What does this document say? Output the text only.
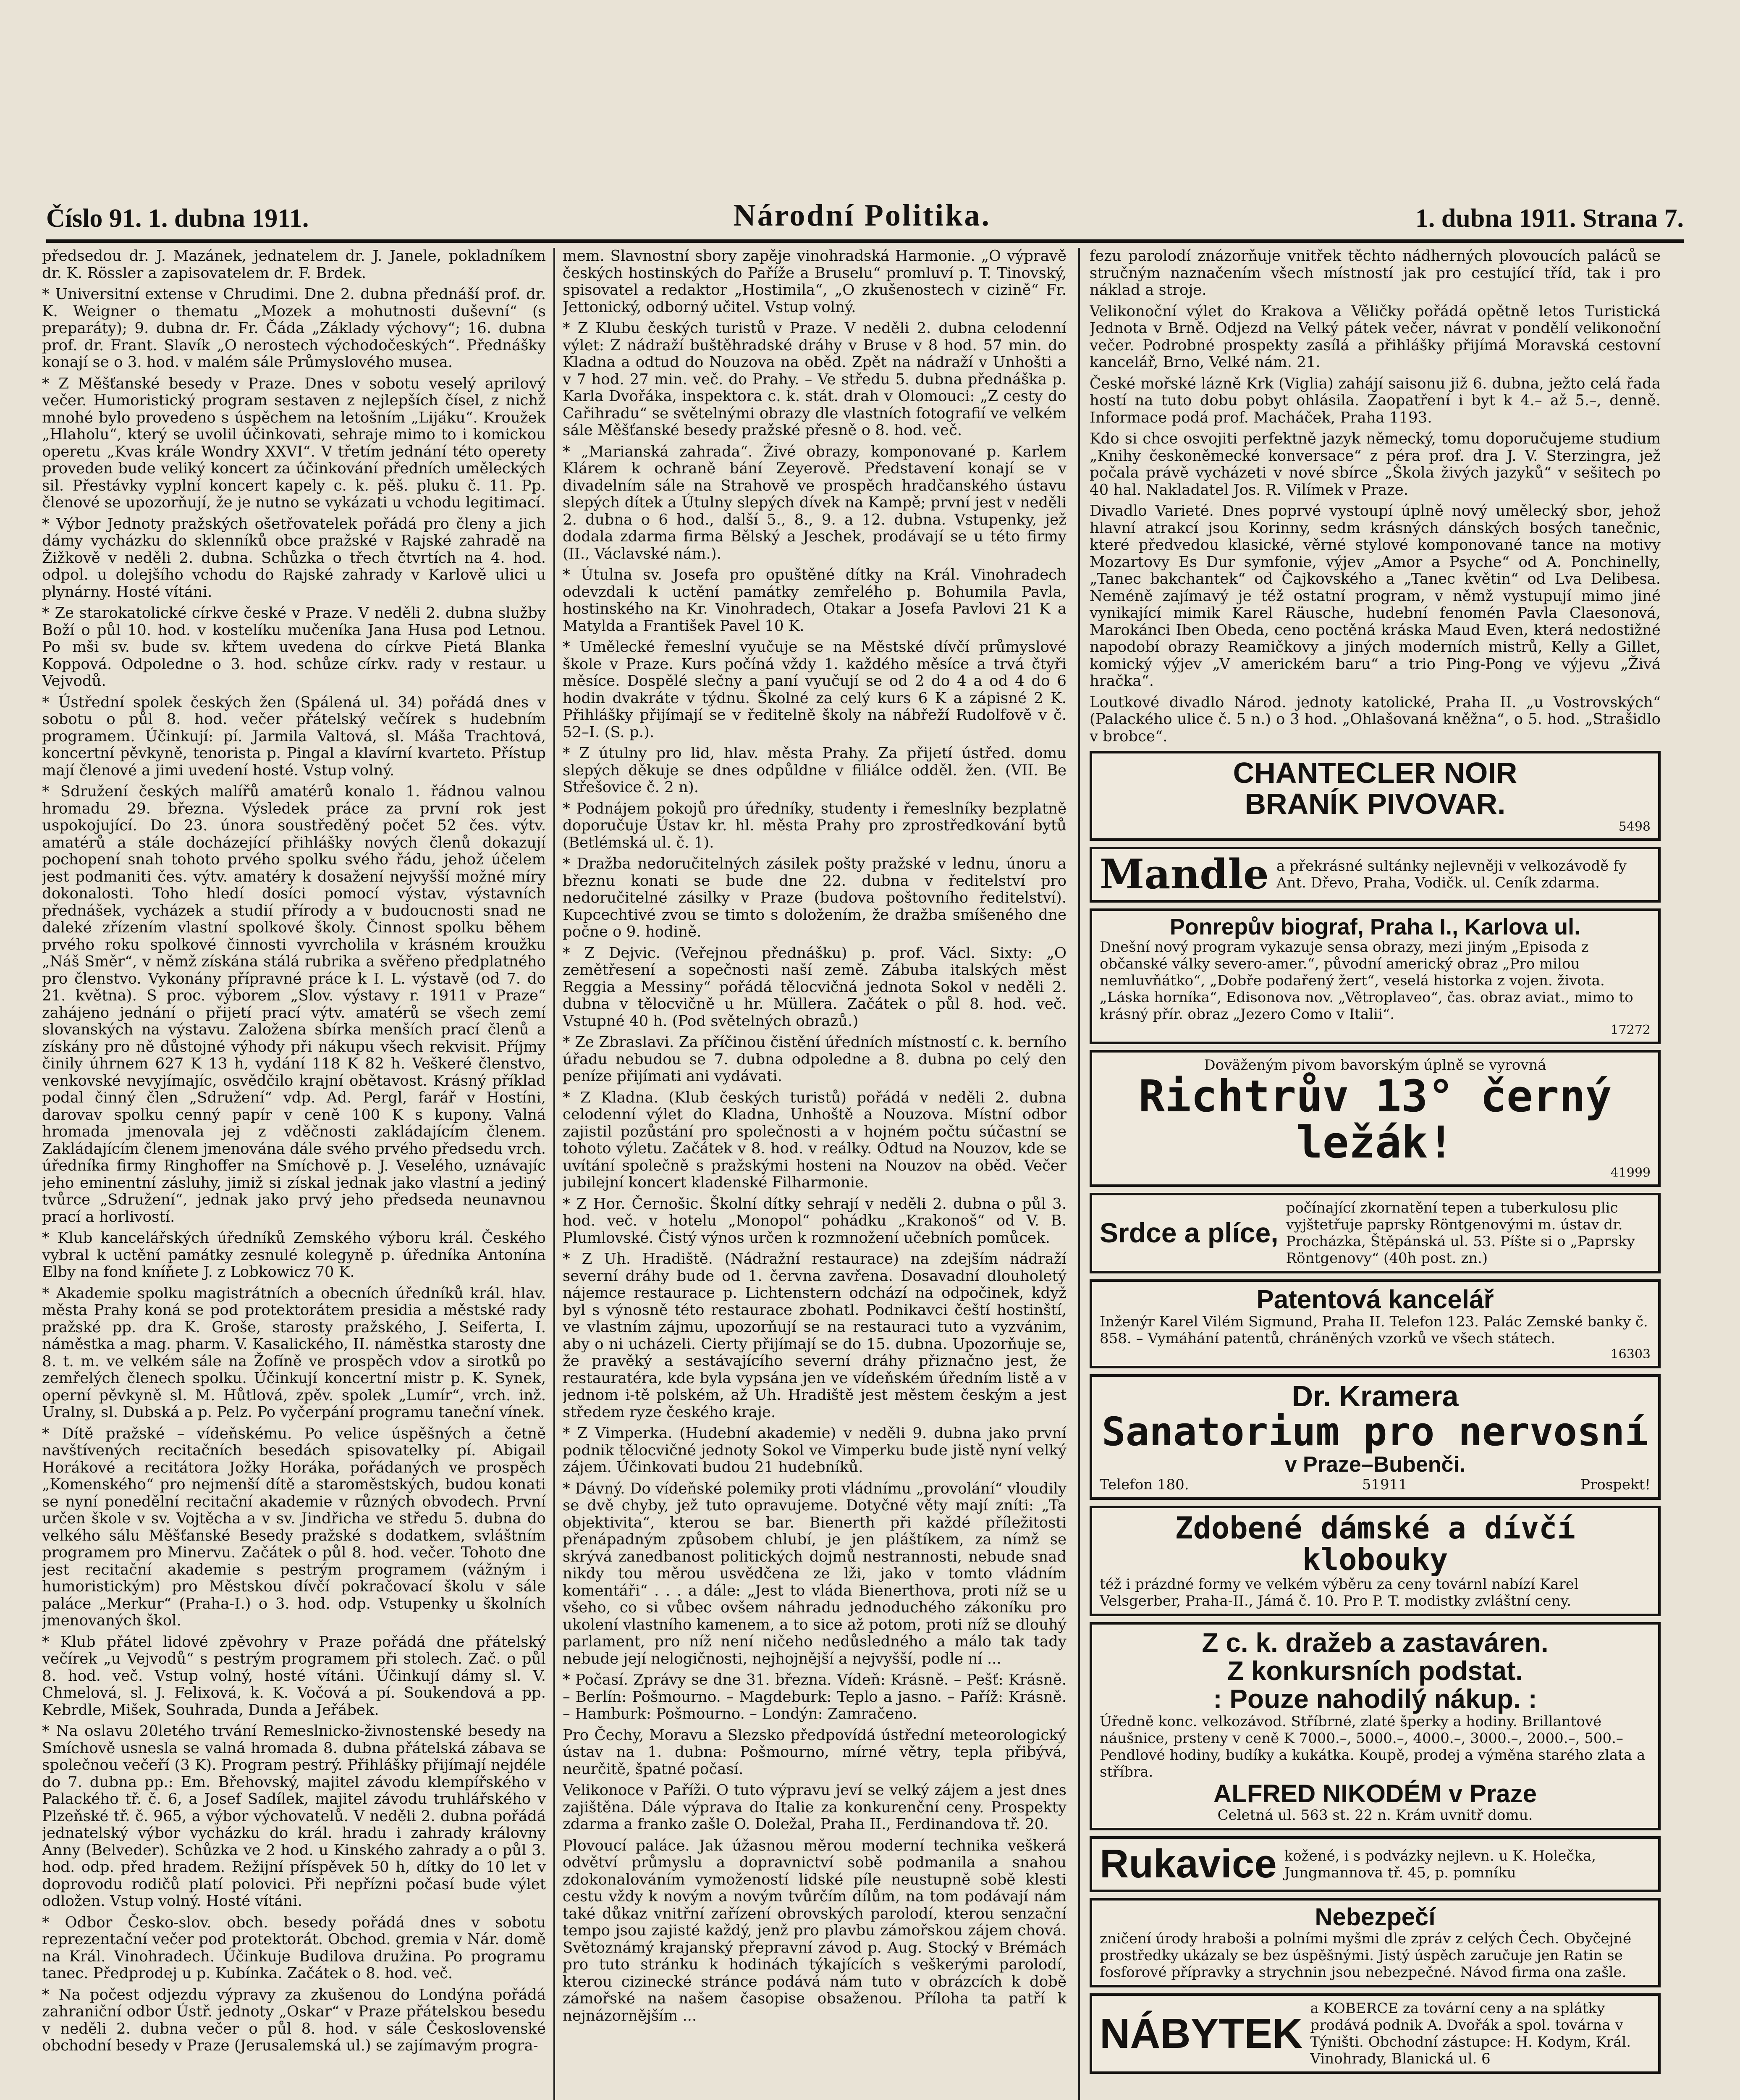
Číslo 91. 1. dubna 1911.	Národní Politika.	1. dubna 1911. Strana 7.

předsedou dr. J. Mazánek, jednatelem dr. J. Janele, pokladníkem dr. K. Rössler a zapisovatelem dr. F. Brdek.

* Universitní extense v Chrudimi. Dne 2. dubna přednáší prof. dr. K. Weigner o thematu „Mozek a mohutnosti duševní“ (s preparáty); 9. dubna dr. Fr. Čáda „Základy výchovy“; 16. dubna prof. dr. Frant. Slavík „O nerostech východočeských“. Přednášky konají se o 3. hod. v malém sále Průmyslového musea.

* Z Měšťanské besedy v Praze. Dnes v sobotu veselý aprilový večer. Humoristický program sestaven z nejlepších čísel, z nichž mnohé bylo provedeno s úspěchem na letošním „Lijáku“. Kroužek „Hlaholu“, který se uvolil účinkovati, sehraje mimo to i komickou operetu „Kvas krále Wondry XXVI“. V třetím jednání této operety proveden bude veliký koncert za účinkování předních uměleckých sil. Přestávky vyplní koncert kapely c. k. pěš. pluku č. 11. Pp. členové se upozorňují, že je nutno se vykázati u vchodu legitimací.

* Výbor Jednoty pražských ošetřovatelek pořádá pro členy a jich dámy vycházku do sklenníků obce pražské v Rajské zahradě na Žižkově v neděli 2. dubna. Schůzka o třech čtvrtích na 4. hod. odpol. u dolejšího vchodu do Rajské zahrady v Karlově ulici u plynárny. Hosté vítáni.

* Ze starokatolické církve české v Praze. V neděli 2. dubna služby Boží o půl 10. hod. v kostelíku mučeníka Jana Husa pod Letnou. Po mši sv. bude sv. křtem uvedena do církve Pietá Blanka Koppová. Odpoledne o 3. hod. schůze církv. rady v restaur. u Vejvodů.

* Ústřední spolek českých žen (Spálená ul. 34) pořádá dnes v sobotu o půl 8. hod. večer přátelský večírek s hudebním programem. Účinkují: pí. Jarmila Valtová, sl. Máša Trachtová, koncertní pěvkyně, tenoristа p. Pingal a klavírní kvarteto. Přístup mají členové a jimi uvedení hosté. Vstup volný.

* Sdružení českých malířů amatérů konalo 1. řádnou valnou hromadu 29. března. Výsledek práce za první rok jest uspokojující. Do 23. února soustředěný počet 52 čes. výtv. amatérů a stále docházející přihlášky nových členů dokazují pochopení snah tohoto prvého spolku svého řádu, jehož účelem jest podmaniti čes. výtv. amatéry k dosažení nejvyšší možné míry dokonalosti. Toho hledí dosíci pomocí výstav, výstavních přednášek, vycházek a studií přírody a v budoucnosti snad ne daleké zřízením vlastní spolkové školy. Činnost spolku během prvého roku spolkové činnosti vyvrcholila v krásném kroužku „Náš Směr“, v němž získána stálá rubrika a svěřeno předplatného pro členstvo. Vykonány přípravné práce k I. L. výstavě (od 7. do 21. května). S proc. výborem „Slov. výstavy r. 1911 v Praze“ zahájeno jednání o přijetí prací výtv. amatérů se všech zemí slovanských na výstavu. Založena sbírka menších prací členů a získány pro ně důstojné výhody při nákupu všech rekvisit. Příjmy činily úhrnem 627 K 13 h, vydání 118 K 82 h. Veškeré členstvo, venkovské nevyjímajíc, osvědčilo krajní obětavost. Krásný příklad podal činný člen „Sdružení“ vdp. Ad. Pergl, farář v Hostíni, darovav spolku cenný papír v ceně 100 K s kupony. Valná hromada jmenovala jej z vděčnosti zakládajícím členem. Zakládajícím členem jmenována dále svého prvého předsedu vrch. úředníka firmy Ringhoffer na Smíchově p. J. Veselého, uznávajíc jeho eminentní zásluhy, jimiž si získal jednak jako vlastní a jediný tvůrce „Sdružení“, jednak jako prvý jeho předseda neunavnou prací a horlivostí.

* Klub kancelářských úředníků Zemského výboru král. Českého vybral k uctění památky zesnulé kolegyně p. úředníka Antonína Elby na fond kníňete J. z Lobkowicz 70 K.

* Akademie spolku magistrátních a obecních úředníků král. hlav. města Prahy koná se pod protektorátem presidia a městské rady pražské pp. dra K. Groše, starosty pražského, J. Seifertа, I. náměstka a mag. pharm. V. Kasalického, II. náměstka starosty dne 8. t. m. ve velkém sále na Žofíně ve prospěch vdov a sirotků po zemřelých členech spolku. Účinkují koncertní mistr p. K. Synek, operní pěvkyně sl. M. Hůtlová, zpěv. spolek „Lumír“, vrch. inž. Uralny, sl. Dubská a p. Pelz. Po vyčerpání programu taneční vínek.

* Dítě pražské – vídeňskému. Po velice úspěšných a četně navštívených recitačních besedách spisovatelky pí. Abigail Horákové a recitátora Jožky Horáka, pořádaných ve prospěch „Komenského“ pro nejmenší dítě a staroměstských, budou konati se nyní ponedělní recitační akademie v různých obvodech. První určen škole v sv. Vojtěcha a v sv. Jindřicha ve středu 5. dubna do velkého sálu Měšťanské Besedy pražské s dodatkem, svláštním programem pro Minervu. Začátek o půl 8. hod. večer. Tohoto dne jest recitační akademie s pestrým programem (vážným i humoristickým) pro Městskou dívčí pokračovací školu v sále paláce „Merkur“ (Praha-I.) o 3. hod. odp. Vstupenky u školních jmenovaných škol.

* Klub přátel lidové zpěvohry v Praze pořádá dne přátelský večírek „u Vejvodů“ s pestrým programem při stolech. Zač. o půl 8. hod. več. Vstup volný, hosté vítáni. Účinkují dámy sl. V. Chmelová, sl. J. Felixová, k. K. Vočová a pí. Soukendová a pp. Kebrdle, Mišek, Souhrada, Dunda a Jeřábek.

* Na oslavu 20letého trvání Remeslnicko-živnostenské besedy na Smíchově usnesla se valná hromada 8. dubna přátelská zábava se společnou večeří (3 K). Program pestrý. Přihlášky přijímají nejdéle do 7. dubna pp.: Em. Břehovský, majitel závodu klempířského v Palackého tř. č. 6, a Josef Sadílek, majitel závodu truhlářského v Plzeňské tř. č. 965, a výbor výchovatelů. V neděli 2. dubna pořádá jednatelský výbor vycházku do král. hradu i zahrady královny Anny (Belveder). Schůzka ve 2 hod. u Kinského zahrady a o půl 3. hod. odp. před hradem. Režijní příspěvek 50 h, dítky do 10 let v doprovodu rodičů platí polovici. Při nepřízni počasí bude výlet odložen. Vstup volný. Hosté vítáni.

* Odbor Česko-slov. obch. besedy pořádá dnes v sobotu reprezentační večer pod protektorát. Obchod. gremia v Nár. domě na Král. Vinohradech. Účinkuje Budilova družina. Po programu tanec. Předprodej u p. Kubínka. Začátek o 8. hod. več.

* Na počest odjezdu výpravy za zkušenou do Londýna pořádá zahraniční odbor Ústř. jednoty „Oskar“ v Praze přátelskou besedu v neděli 2. dubna večer o půl 8. hod. v sále Československé obchodní besedy v Praze (Jerusalemská ul.) se zajímavým progra-

mem. Slavnostní sbory zapěje vinohradská Harmonie. „O výpravě českých hostinských do Paříže a Bruselu“ promluví p. T. Tinovský, spisovatel a redaktor „Hostimila“, „O zkušenostech v cizině“ Fr. Jettonický, odborný učitel. Vstup volný.

* Z Klubu českých turistů v Praze. V neděli 2. dubna celodenní výlet: Z nádraží buštěhradské dráhy v Bruse v 8 hod. 57 min. do Kladna a odtud do Nouzova na oběd. Zpět na nádraží v Unhošti a v 7 hod. 27 min. več. do Prahy. – Ve středu 5. dubna přednáška p. Karla Dvořáka, inspektora c. k. stát. drah v Olomouci: „Z cesty do Cařihradu“ se světelnými obrazy dle vlastních fotografií ve velkém sále Měšťanské besedy pražské přesně o 8. hod. več.

* „Marianská zahrada“. Živé obrazy, komponované p. Karlem Klárem k ochraně bání Zeyerově. Představení konají se v divadelním sále na Strahově ve prospěch hradčanského ústavu slepých dítek a Útulny slepých dívek na Kampě; první jest v neděli 2. dubna o 6 hod., další 5., 8., 9. a 12. dubna. Vstupenky, jež dodala zdarma firma Bělský a Jeschek, prodávají se u této firmy (II., Václavské nám.).

* Útulna sv. Josefa pro opuštěné dítky na Král. Vinohradech odevzdali k uctění památky zemřelého p. Bohumila Pavla, hostinského na Kr. Vinohradech, Otakar a Josefa Pavlovi 21 K a Matylda a František Pavel 10 K.

* Umělecké řemeslní vyučuje se na Městské dívčí průmyslové škole v Praze. Kurs počíná vždy 1. každého měsíce a trvá čtyři měsíce. Dospělé slečny a paní vyučují se od 2 do 4 a od 4 do 6 hodin dvakráte v týdnu. Školné za celý kurs 6 K a zápisné 2 K. Přihlášky přijímají se v ředitelně školy na nábřeží Rudolfově v č. 52–I. (S. p.).

* Z útulny pro lid, hlav. města Prahy. Za přijetí ústřed. domu slepých děkuje se dnes odpůldne v filiálce odděl. žen. (VII. Be Střešovice č. 2 n).

* Podnájem pokojů pro úředníky, studenty i řemeslníky bezplatně doporučuje Ústav kr. hl. města Prahy pro zprostředkování bytů (Betlémská ul. č. 1).

* Dražba nedoručitelných zásilek pošty pražské v lednu, únoru a březnu konati se bude dne 22. dubna v ředitelství pro nedoručitelné zásilky v Praze (budova poštovního ředitelství). Kupcechtivé zvou se timto s doložením, že dražba smíšeného dne počne o 9. hodině.

* Z Dejvic. (Veřejnou přednášku) p. prof. Václ. Sixty: „O zemětřesení a sopečnosti naší země. Zábuba italských měst Reggia a Messiny“ pořádá tělocvičná jednota Sokol v neděli 2. dubna v tělocvičně u hr. Müllera. Začátek o půl 8. hod. več. Vstupné 40 h. (Pod světelných obrazů.)

* Ze Zbraslavi. Za příčinou čistění úředních místností c. k. berního úřadu nebudou se 7. dubna odpoledne a 8. dubna po celý den peníze přijímati ani vydávati.

* Z Kladna. (Klub českých turistů) pořádá v neděli 2. dubna celodenní výlet do Kladna, Unhoště a Nouzova. Místní odbor zajistil pozůstání pro společnosti a v hojném počtu súčastní se tohoto výletu. Začátek v 8. hod. v reálky. Odtud na Nouzov, kde se uvítání společně s pražskými hosteni na Nouzov na oběd. Večer jubilejní koncert kladenské Filharmonie.

* Z Hor. Černošic. Školní dítky sehrají v neděli 2. dubna o půl 3. hod. več. v hotelu „Monopol“ pohádku „Krakonoš“ od V. B. Plumlovské. Čistý výnos určen k rozmnožení učebních pomůcek.

* Z Uh. Hradiště. (Nádražní restaurace) na zdejším nádraží severní dráhy bude od 1. června zavřena. Dosavadní dlouholetý nájemce restaurace p. Lichtenstern odchází na odpočinek, když byl s výnosně této restaurace zbohatl. Podnikavci čeští hostinští, ve vlastním zájmu, upozorňují se na restauraci tuto a vyzvánim, aby o ni ucházeli. Cierty přijímají se do 15. dubna. Upozorňuje se, že pravěký a sestávajícího severní dráhy přiznačno jest, že restauratéra, kde byla vypsána jen ve vídeňském úředním listě a v jednom i-tě polském, až Uh. Hradiště jest městem českým a jest středem ryze českého kraje.

* Z Vimperka. (Hudební akademie) v neděli 9. dubna jako první podnik tělocvičné jednoty Sokol ve Vimperku bude jistě nyní velký zájem. Účinkovati budou 21 hudebníků.

* Dávný. Do vídeňské polemiky proti vládnímu „provolání“ vloudily se dvě chyby, jež tuto opravujeme. Dotyčné věty mají zníti: „Ta objektivita“, kterou se bar. Bienerth při každé příležitosti přenápadným způsobem chlubí, je jen pláštíkem, za nímž se skrývá zanedbanost politických dojmů nestrannosti, nebude snad nikdy tou měrou usvědčena ze lži, jako v tomto vládním komentáři“ . . . a dále: „Jest to vláda Bienerthova, proti níž se u všeho, co si vůbec ovšem náhradu jednoduchého zákoníku pro ukolení vlastního kamenem, a to sice až potom, proti níž se dlouhý parlament, pro níž není ničeho nedůsledného a málo tak tady nebude její nelogičnosti, nejhojnější a nejvyšší, podle ní ...

* Počasí. Zprávy se dne 31. března. Vídeň: Krásně. – Pešť: Krásně. – Berlín: Pošmourno. – Magdeburk: Teplo a jasno. – Paříž: Krásně. – Hamburk: Pošmourno. – Londýn: Zamračeno.

Pro Čechy, Moravu a Slezsko předpovídá ústřední meteorologický ústav na 1. dubna: Pošmourno, mírné větry, tepla přibývá, neurčitě, špatné počasí.

Velikonoce v Paříži. O tuto výpravu jeví se velký zájem a jest dnes zajištěna. Dále výprava do Italie za konkurenční ceny. Prospekty zdarma a franko zašle O. Doležal, Praha II., Ferdinandova tř. 20.

Plovoucí paláce. Jak úžasnou měrou moderní technika veškerá odvětví průmyslu a dopravnictví sobě podmanila a snahou zdokonalováním vymožeností lidské píle neustupně sobě klesti cestu vždy k novým a novým tvůrčím dílům, na tom podávají nám také důkaz vnitřní zařízení obrovských parolodí, kterou senzační tempo jsou zajisté každý, jenž pro plavbu zámořskou zájem chová. Světoznámý krajanský přepravní závod p. Aug. Stocký v Brémách pro tuto stránku k hodinách týkajících s veškerými parolodí, kterou cizinecké stránce podává nám tuto v obrázcích k době zámořské na našem časopise obsaženou. Příloha ta patří k nejnázornějším ...

fezu parolodí znázorňuje vnitřek těchto nádherných plovoucích paláců se stručným naznačením všech místností jak pro cestující tříd, tak i pro náklad a stroje.

Velikonoční výlet do Krakova a Věličky pořádá opětně letos Turistická Jednota v Brně. Odjezd na Velký pátek večer, návrat v pondělí velikonoční večer. Podrobné prospekty zasílá a přihlášky přijímá Moravská cestovní kancelář, Brno, Velké nám. 21.

České mořské lázně Krk (Viglia) zahájí saisonu již 6. dubna, ježto celá řada hostí na tuto dobu pobyt ohlásila. Zaopatření i byt k 4.– až 5.–, denně. Informace podá prof. Macháček, Praha 1193.

Kdo si chce osvojiti perfektně jazyk německý, tomu doporučujeme studium „Knihy českoněmecké konversace“ z péra prof. dra J. V. Sterzingra, jež počala právě vycházeti v nové sbírce „Škola živých jazyků“ v sešitech po 40 hal. Nakladatel Jos. R. Vilímek v Praze.

Divadlo Varieté. Dnes poprvé vystoupí úplně nový umělecký sbor, jehož hlavní atrakcí jsou Korinny, sedm krásných dánských bosých tanečnic, které předvedou klasické, věrné stylové komponované tance na motivy Mozartovy Es Dur symfonie, výjev „Amor a Psyche“ od A. Ponchinelly, „Tanec bakchantek“ od Čajkovského a „Tanec květin“ od Lva Delibesa. Neméně zajímavý je též ostatní program, v němž vystupují mimo jiné vynikající mimik Karel Räusche, hudební fenomén Pavla Claesonová, Marokánci Iben Obeda, ceno poctěná kráska Maud Even, která nedostižné napodobí obrazy Reamičkovy a jiných moderních mistrů, Kelly a Gillet, komický výjev „V americkém baru“ a trio Ping-Pong ve výjevu „Živá hračka“.

Loutkové divadlo Národ. jednoty katolické, Praha II. „u Vostrovských“ (Palackého ulice č. 5 n.) o 3 hod. „Ohlašovaná kněžna“, o 5. hod. „Strašidlo v brobce“.

CHANTECLER NOIR
BRANÍK PIVOVAR.
5498
Mandle a překrásné sultánky nejlevněji v velkozávodě fy Ant. Dřevo, Praha, Vodičk. ul. Ceník zdarma.
Ponrepův biograf, Praha I., Karlova ul.
Dnešní nový program vykazuje sensa obrazy, mezi jiným „Episoda z občanské války severo-amer.“, původní americký obraz „Pro milou nemluvňátko“, „Dobře podařený žert“, veselá historka z vojen. života. „Láska horníka“, Edisonova nov. „Větroplaveo“, čas. obraz aviat., mimo to krásný přír. obraz „Jezero Como v Italii“.
17272
Doväženým pivom bavorským úplně se vyrovná
Richtrův 13° černý ležák!
41999
Srdce a plíce,
počínající zkornatění tepen a tuberkulosu plic vyjštetřuje paprsky Röntgenovými m. ústav dr. Procházka, Štěpánská ul. 53. Píšte si o „Paprsky Röntgenovy“ (40h post. zn.)
Patentová kancelář
Inženýr Karel Vilém Sigmund, Praha II. Telefon 123. Palác Zemské banky č. 858. – Vymáhání patentů, chráněných vzorků ve všech státech.
16303
Dr. Kramera
Sanatorium pro nervosní
v Praze–Bubenči.
Telefon 180.	51911	Prospekt!
Zdobené dámské a dívčí klobouky
též i prázdné formy ve velkém výběru za ceny továrnl nabízí Karel Velsgerber, Praha-II., Jámá č. 10. Pro P. T. modistky zvláštní ceny.
Z c. k. dražeb a zastaváren.
Z konkursních podstat.
: Pouze nahodilý nákup. :
Úředně konc. velkozávod. Stříbrné, zlaté šperky a hodiny. Brillantové náušnice, prsteny v ceně K 7000.–, 5000.–, 4000.–, 3000.–, 2000.–, 500.– Pendlové hodiny, budíky a kukátka. Koupě, prodej a výměna starého zlata a stříbra.
ALFRED NIKODÉM v Praze
Celetná ul. 563 st. 22 n. Krám uvnitř domu.
Rukavice kožené, i s podvázky nejlevn. u K. Holečka, Jungmannova tř. 45, p. pomníku
Nebezpečí
zničení úrody hraboši a polními myšmi dle zpráv z celých Čech. Obyčejné prostředky ukázaly se bez úspěšnými. Jistý úspěch zaručuje jen Ratin se fosforové přípravky a strychnin jsou nebezpečné. Návod firma ona zašle.
NÁBYTEK
a KOBERCE za tovární ceny a na splátky prodává podnik A. Dvořák a spol. továrna v Týništi. Obchodní zástupce: H. Kodym, Král. Vinohrady, Blanická ul. 6
